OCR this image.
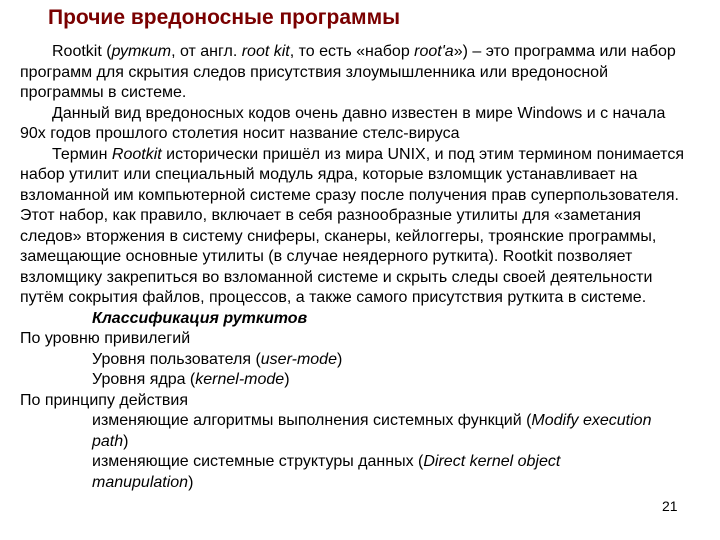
Прочие вредоносные программы

Rootkit (руткит, от англ. root kit, то есть «набор root'a») – это программа или набор программ для скрытия следов присутствия злоумышленника или вредоносной программы в системе.

Данный вид вредоносных кодов очень давно известен в мире Windows и с начала 90х годов прошлого столетия носит название стелс-вируса

Термин Rootkit исторически пришёл из мира UNIX, и под этим термином понимается набор утилит или специальный модуль ядра, которые взломщик устанавливает на взломанной им компьютерной системе сразу после получения прав суперпользователя. Этот набор, как правило, включает в себя разнообразные утилиты для «заметания следов» вторжения в систему сниферы, сканеры, кейлоггеры, троянские программы, замещающие основные утилиты (в случае неядерного руткита). Rootkit позволяет взломщику закрепиться во взломанной системе и скрыть следы своей деятельности путём сокрытия файлов, процессов, а также самого присутствия руткита в системе.

Классификация руткитов

По уровню привилегий

Уровня пользователя (user-mode)

Уровня ядра (kernel-mode)

По принципу действия

изменяющие алгоритмы выполнения системных функций (Modify execution path)

изменяющие системные структуры данных (Direct kernel object manupulation)

21
